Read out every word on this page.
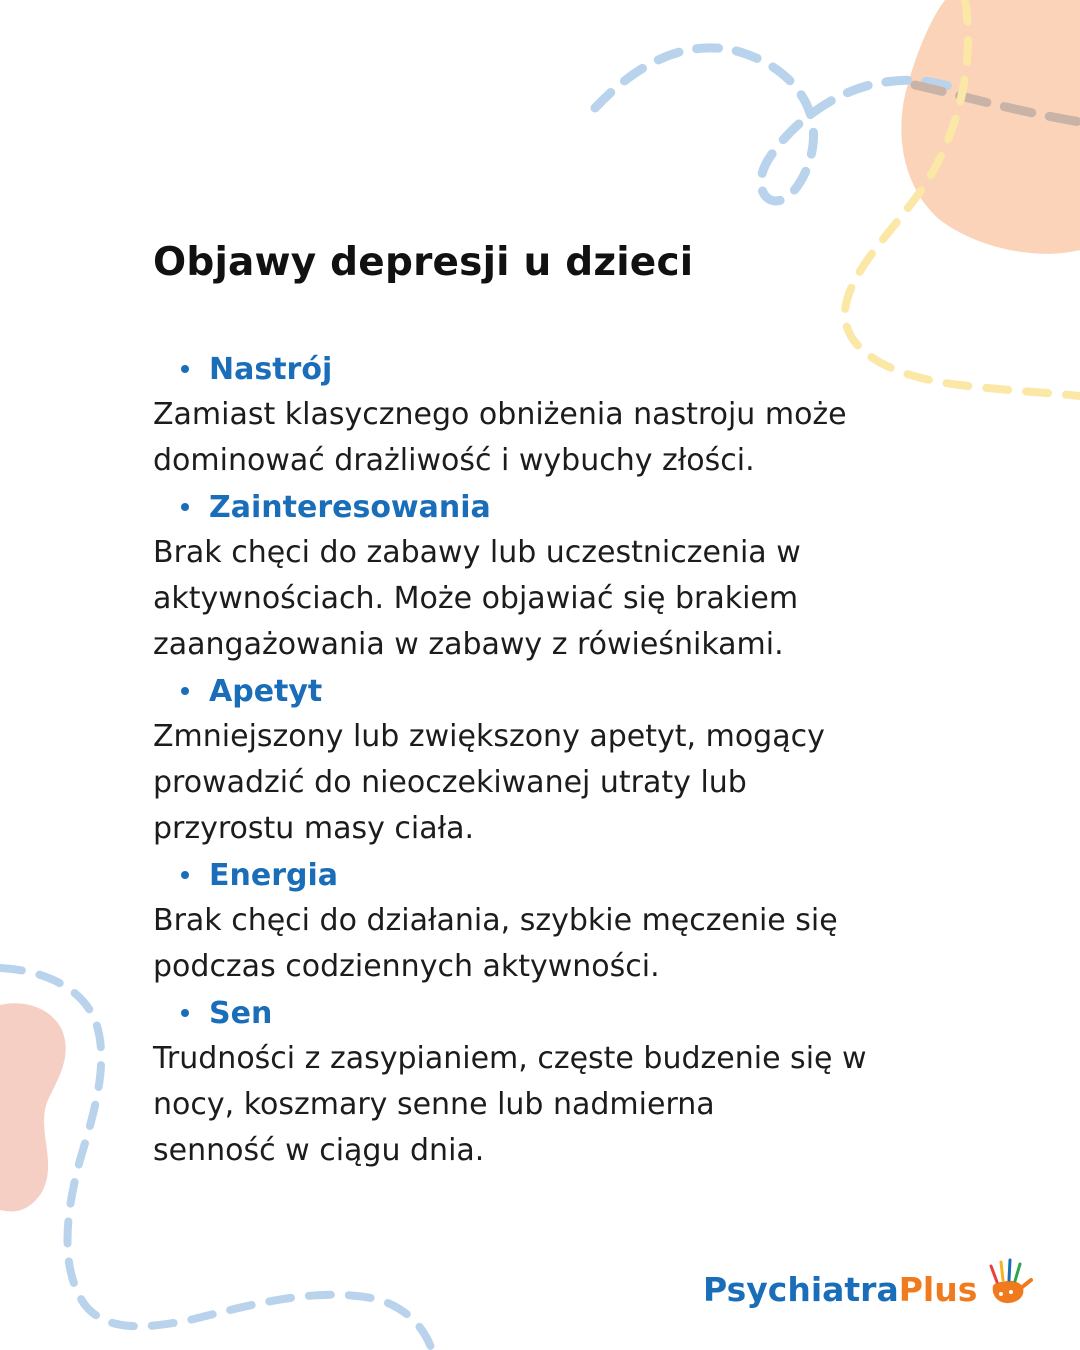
Objawy depresji u dzieci
Nastrój

Zamiast klasycznego obniżenia nastroju może
dominować drażliwość i wybuchy złości.

Zainteresowania

Brak chęci do zabawy lub uczestniczenia w
aktywnościach. Może objawiać się brakiem
zaangażowania w zabawy z rówieśnikami.

Apetyt

Zmniejszony lub zwiększony apetyt, mogący
prowadzić do nieoczekiwanej utraty lub
przyrostu masy ciała.

Energia

Brak chęci do działania, szybkie męczenie się
podczas codziennych aktywności.

Sen

Trudności z zasypianiem, częste budzenie się w
nocy, koszmary senne lub nadmierna
senność w ciągu dnia.

Psychiatra Plus
